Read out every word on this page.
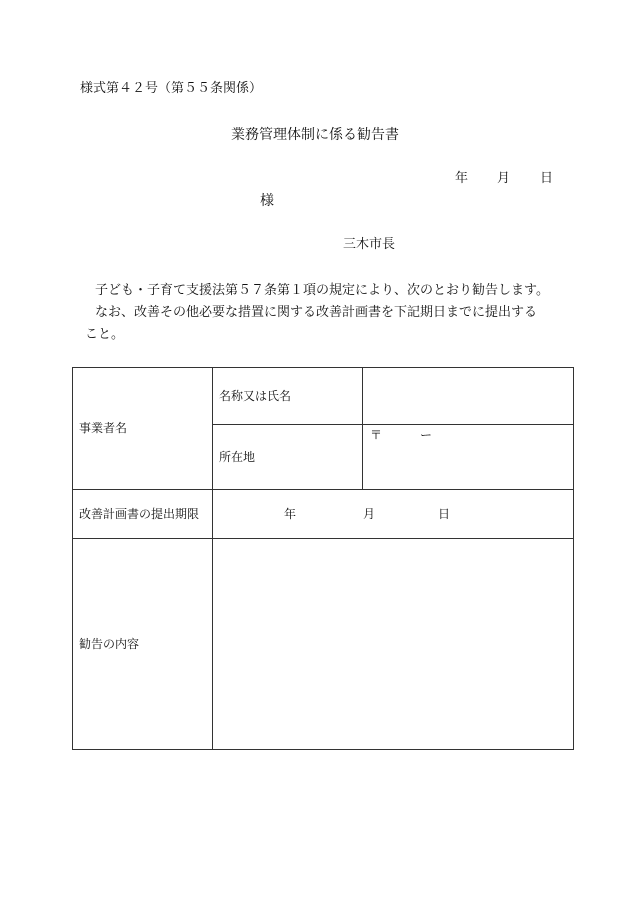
様式第４２号（第５５条関係）
業務管理体制に係る勧告書
年 月 日
様
三木市長
子ども・子育て支援法第５７条第１項の規定により、次のとおり勧告します。
なお、改善その他必要な措置に関する改善計画書を下記期日までに提出する
こと。
事業者名	名称又は氏名	
	所在地	〒 ー

改善計画書の提出期限	年 月 日	

勧告の内容		
